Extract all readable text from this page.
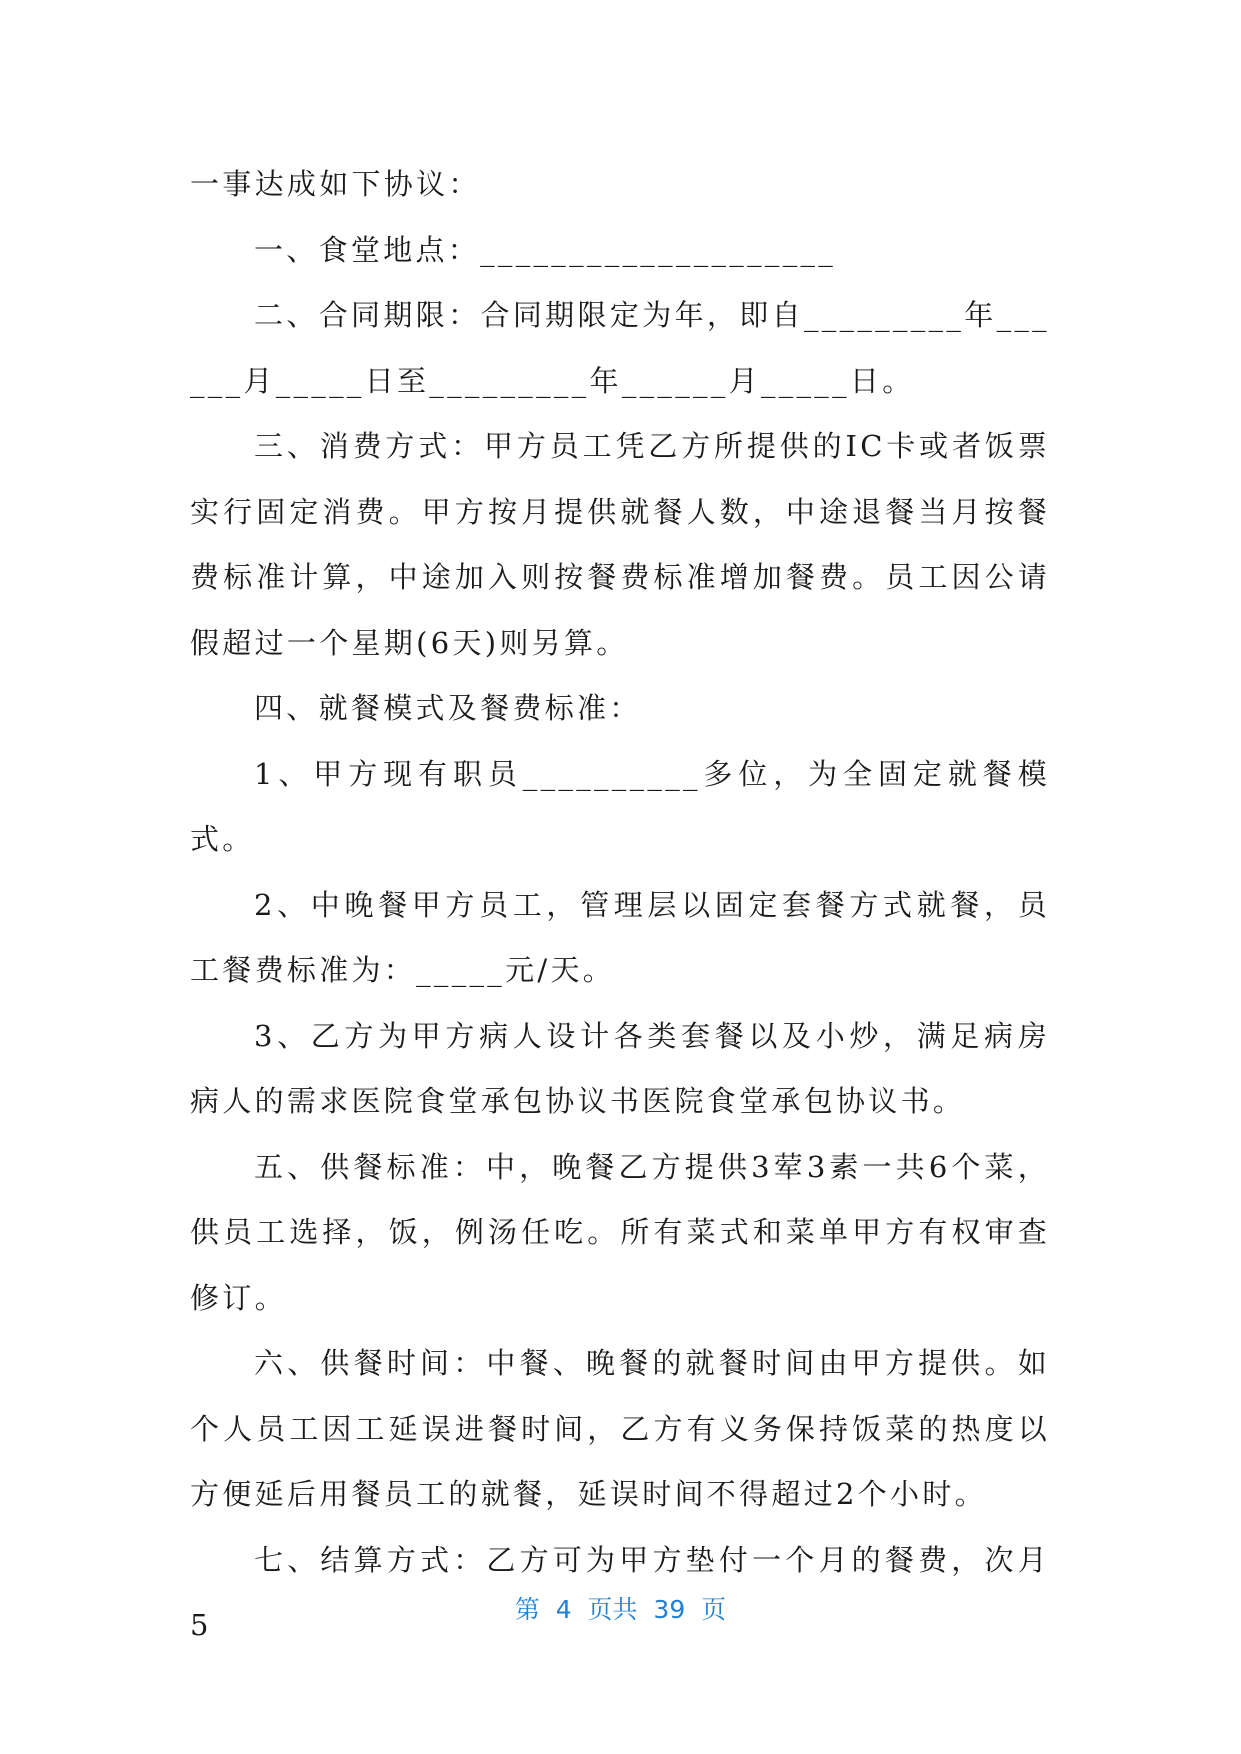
一事达成如下协议：

一、食堂地点：____________________

二、合同期限：合同期限定为年，即自_________年______月_____日至_________年______月_____日。

三、消费方式：甲方员工凭乙方所提供的IC卡或者饭票实行固定消费。甲方按月提供就餐人数，中途退餐当月按餐费标准计算，中途加入则按餐费标准增加餐费。员工因公请假超过一个星期(6天)则另算。

四、就餐模式及餐费标准：

1、甲方现有职员__________多位，为全固定就餐模式。

2、中晚餐甲方员工，管理层以固定套餐方式就餐，员工餐费标准为：_____元/天。

3、乙方为甲方病人设计各类套餐以及小炒，满足病房病人的需求医院食堂承包协议书医院食堂承包协议书。

五、供餐标准：中，晚餐乙方提供3荤3素一共6个菜，供员工选择，饭，例汤任吃。所有菜式和菜单甲方有权审查修订。

六、供餐时间：中餐、晚餐的就餐时间由甲方提供。如个人员工因工延误进餐时间，乙方有义务保持饭菜的热度以方便延后用餐员工的就餐，延误时间不得超过2个小时。

七、结算方式：乙方可为甲方垫付一个月的餐费，次月5	第  4  页共  39  页
